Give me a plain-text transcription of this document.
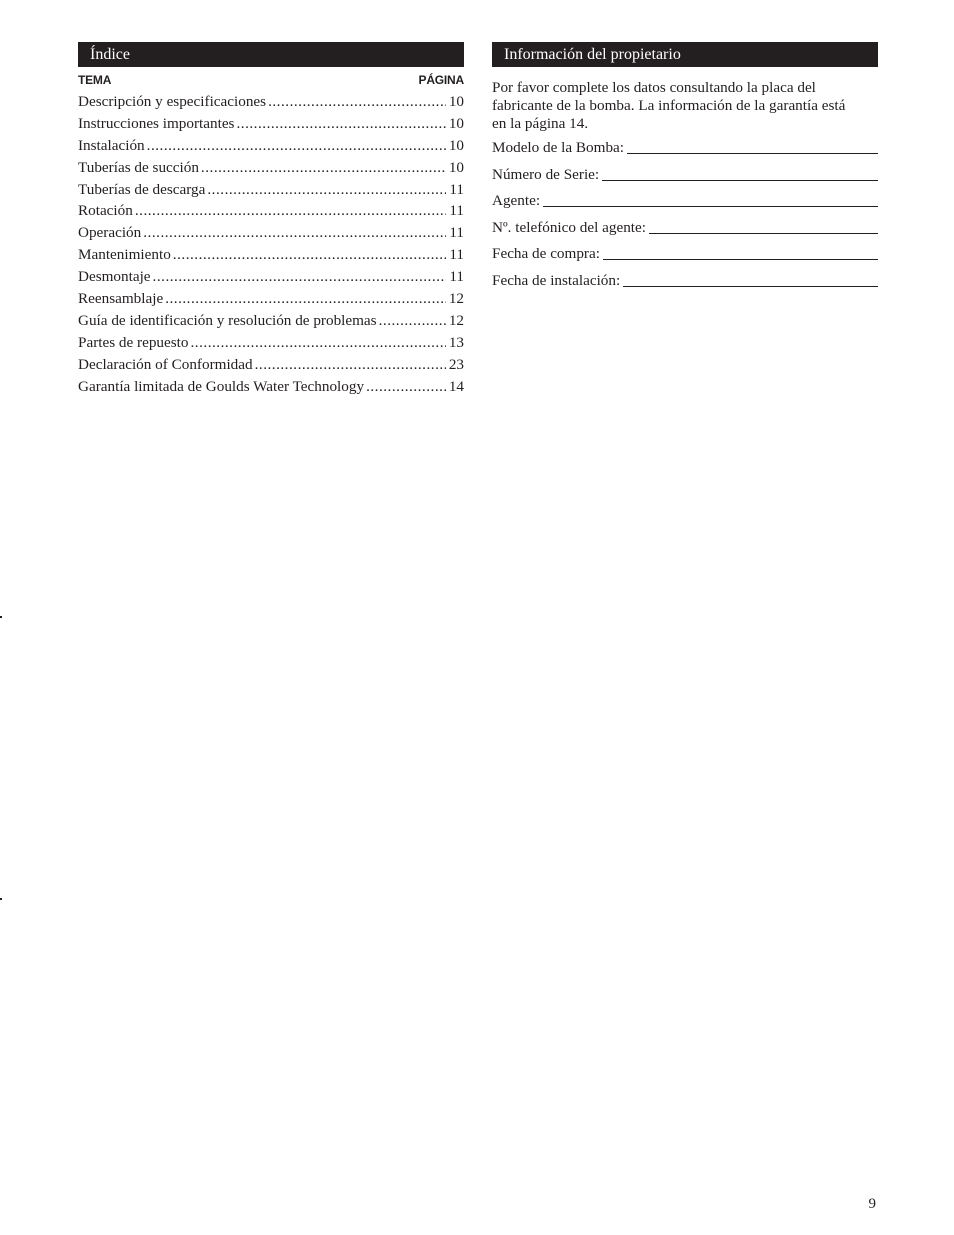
Índice
TEMA	PÁGINA
Descripción y especificaciones .....	10
Instrucciones importantes .....	10
Instalación .....	10
Tuberías de succión .....	10
Tuberías de descarga .....	11
Rotación .....	11
Operación .....	11
Mantenimiento .....	11
Desmontaje .....	11
Reensamblaje .....	12
Guía de identificación y resolución de problemas .....	12
Partes de repuesto .....	13
Declaración of Conformidad .....	23
Garantía limitada de Goulds Water Technology .....	14
Información del propietario

Por favor complete los datos consultando la placa del fabricante de la bomba. La información de la garantía está en la página 14.

Modelo de la Bomba:
Número de Serie:
Agente:
Nº. telefónico del agente:
Fecha de compra:
Fecha de instalación:
9
